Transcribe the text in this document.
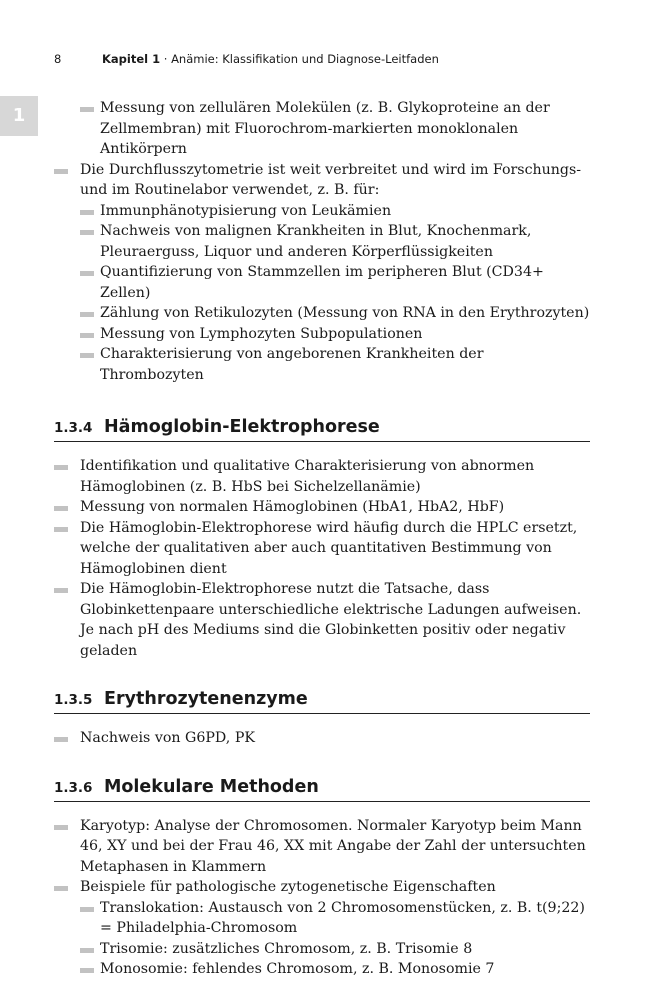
8	Kapitel 1 · Anämie: Klassifikation und Diagnose-Leitfaden
1	Messung von zellulären Molekülen (z. B. Glykoproteine an der Zellmembran) mit Fluorochrom-markierten monoklonalen Antikörpern
Die Durchflusszytometrie ist weit verbreitet und wird im Forschungs- und im Routinelabor verwendet, z. B. für:
Immunphänotypisierung von Leukämien
Nachweis von malignen Krankheiten in Blut, Knochenmark, Pleuraerguss, Liquor und anderen Körperflüssigkeiten
Quantifizierung von Stammzellen im peripheren Blut (CD34+ Zellen)
Zählung von Retikulozyten (Messung von RNA in den Erythrozyten)
Messung von Lymphozyten Subpopulationen
Charakterisierung von angeborenen Krankheiten der Thrombozyten
1.3.4 Hämoglobin-Elektrophorese
Identifikation und qualitative Charakterisierung von abnormen Hämoglobinen (z. B. HbS bei Sichelzellanämie)
Messung von normalen Hämoglobinen (HbA1, HbA2, HbF)
Die Hämoglobin-Elektrophorese wird häufig durch die HPLC ersetzt, welche der qualitativen aber auch quantitativen Bestimmung von Hämoglobinen dient
Die Hämoglobin-Elektrophorese nutzt die Tatsache, dass Globinkettenpaare unterschiedliche elektrische Ladungen aufweisen. Je nach pH des Mediums sind die Globinketten positiv oder negativ geladen
1.3.5 Erythrozytenenzyme
Nachweis von G6PD, PK
1.3.6 Molekulare Methoden
Karyotyp: Analyse der Chromosomen. Normaler Karyotyp beim Mann 46, XY und bei der Frau 46, XX mit Angabe der Zahl der untersuchten Metaphasen in Klammern
Beispiele für pathologische zytogenetische Eigenschaften
Translokation: Austausch von 2 Chromosomenstücken, z. B. t(9;22) = Philadelphia-Chromosom
Trisomie: zusätzliches Chromosom, z. B. Trisomie 8
Monosomie: fehlendes Chromosom, z. B. Monosomie 7
